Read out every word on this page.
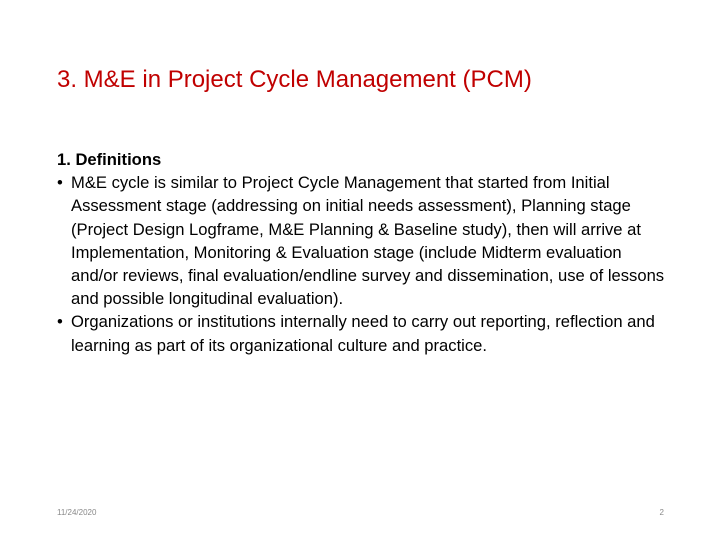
3. M&E in Project Cycle Management (PCM)

1. Definitions

• M&E cycle is similar to Project Cycle Management that started from Initial Assessment stage (addressing on initial needs assessment), Planning stage (Project Design Logframe, M&E Planning & Baseline study), then will arrive at Implementation, Monitoring & Evaluation stage (include Midterm evaluation and/or reviews, final evaluation/endline survey and dissemination, use of lessons and possible longitudinal evaluation).
• Organizations or institutions internally need to carry out reporting, reflection and learning as part of its organizational culture and practice.
11/24/2020	2
